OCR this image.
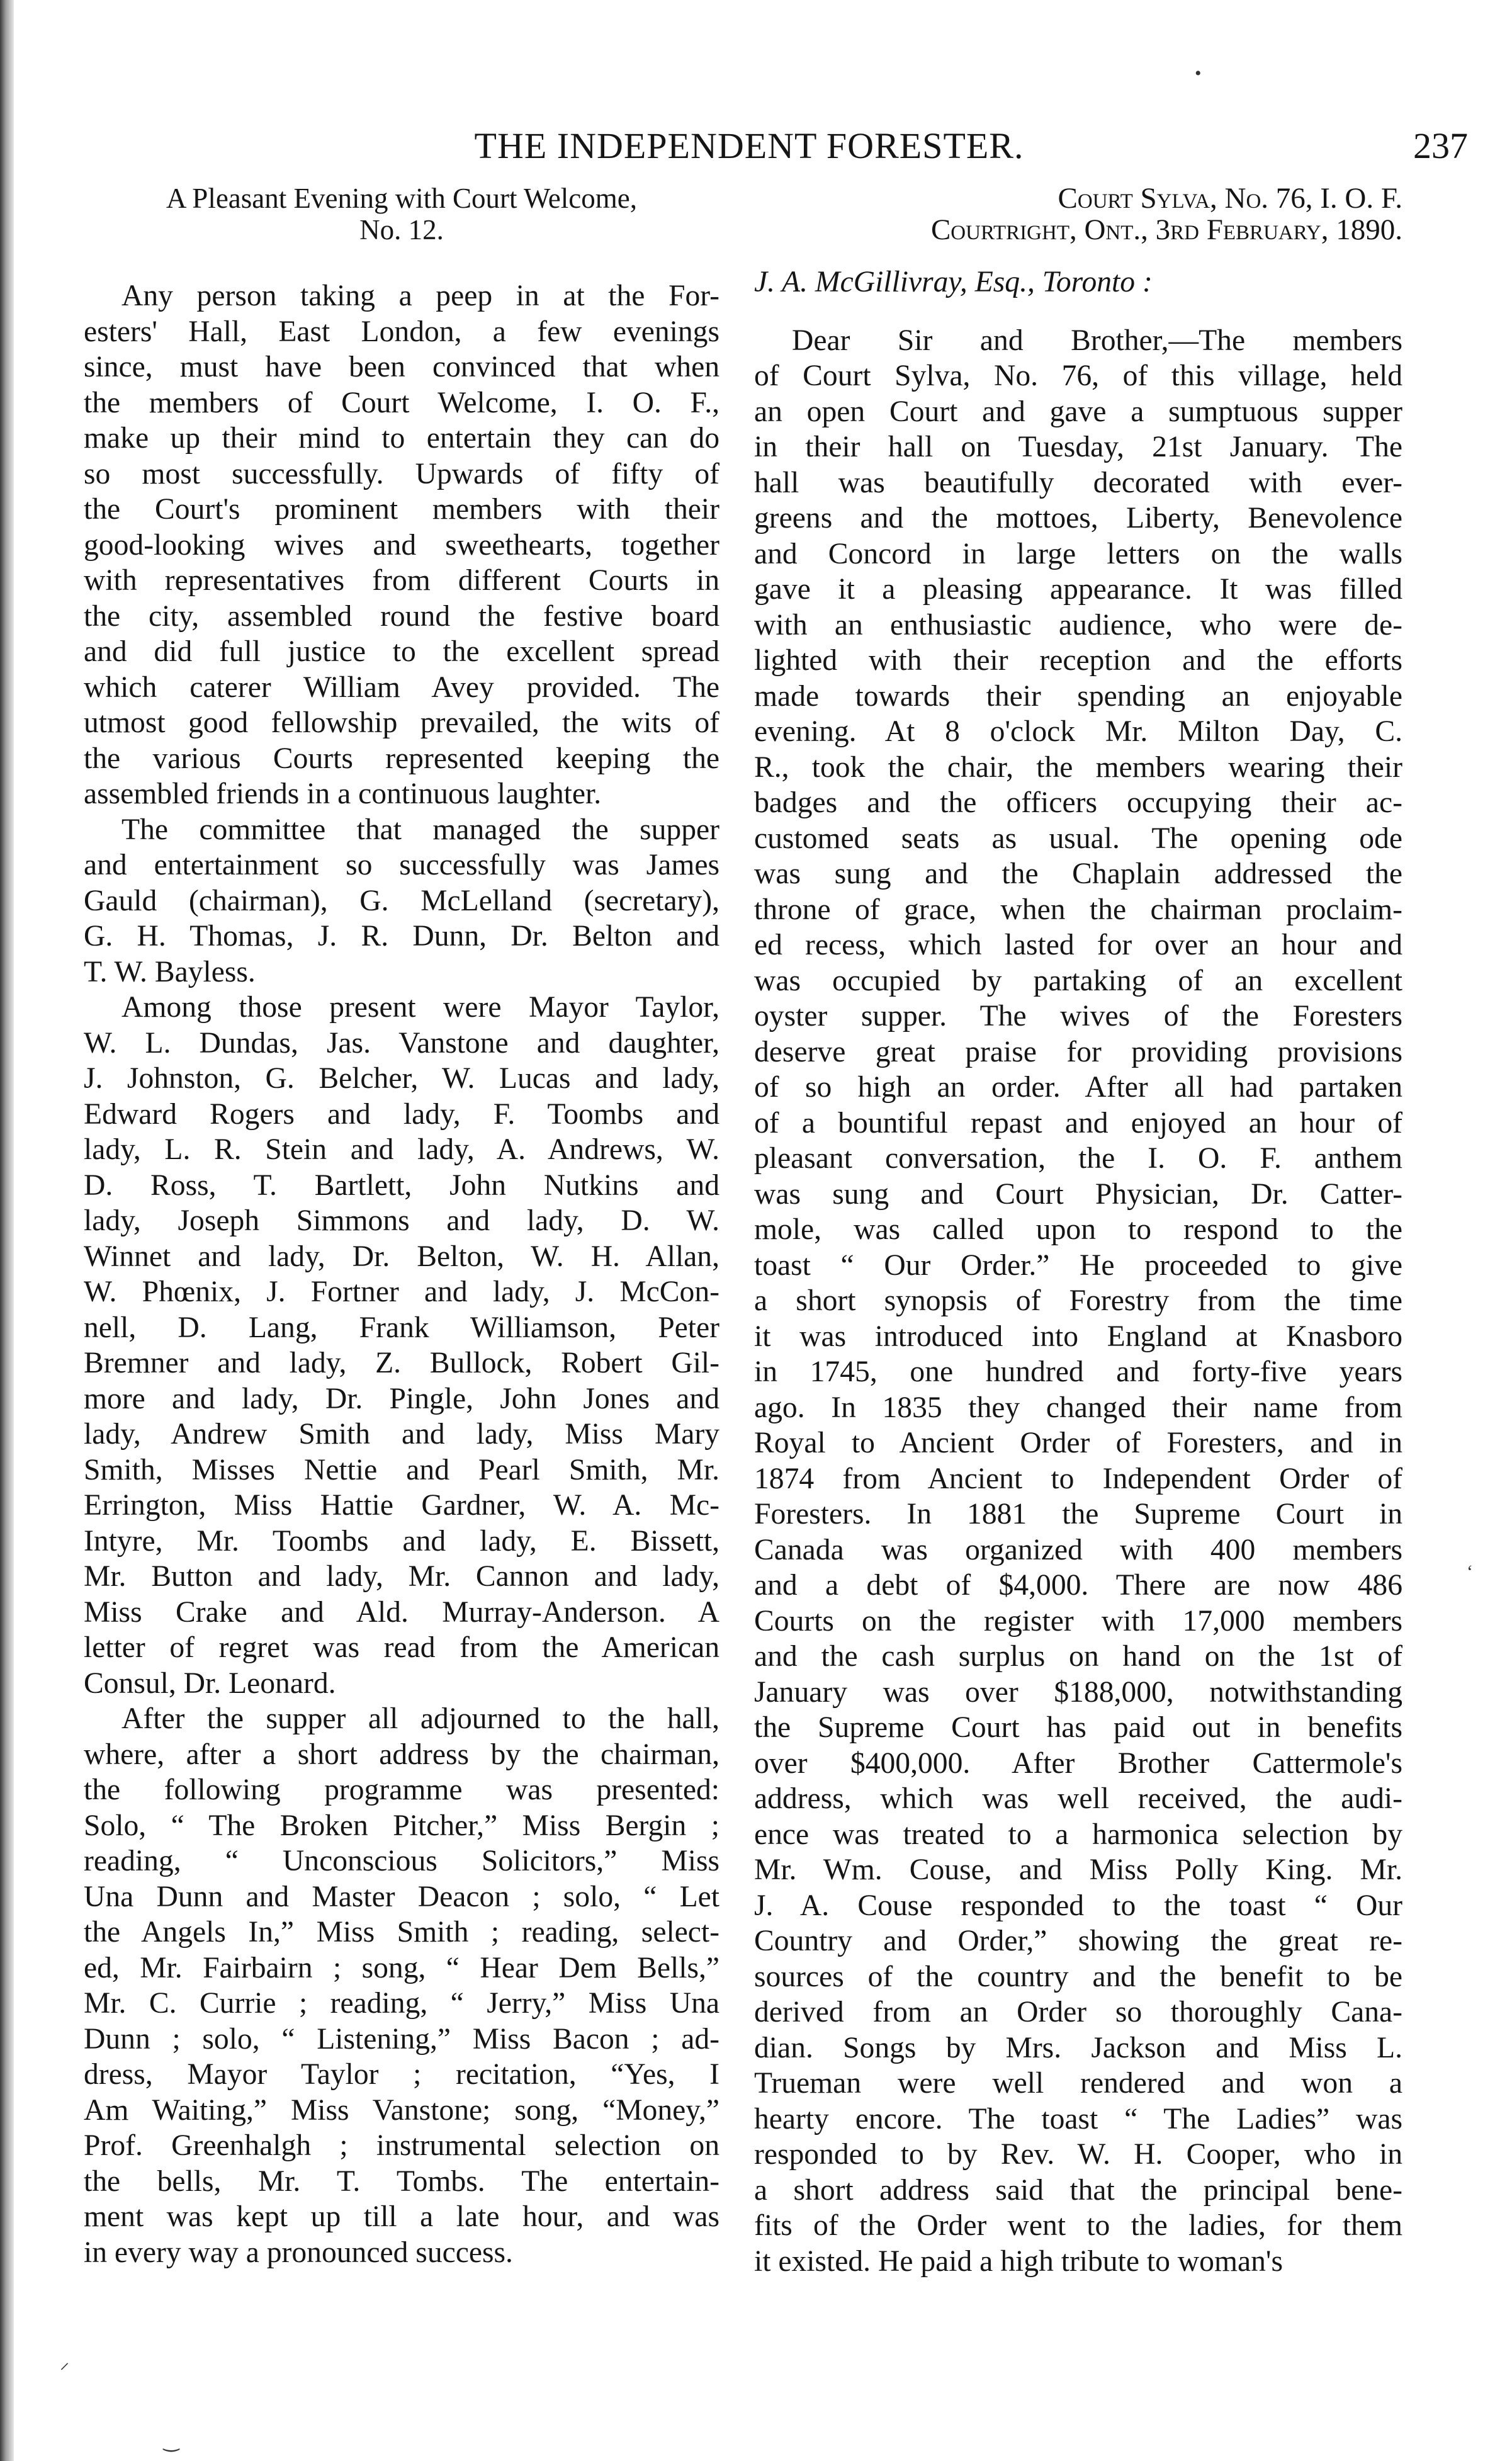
•
ʻ
⸝
‿
THE INDEPENDENT FORESTER.	237
A Pleasant Evening with Court Welcome,
No. 12.
Any person taking a peep in at the For-
esters' Hall, East London, a few evenings
since, must have been convinced that when
the members of Court Welcome, I. O. F.,
make up their mind to entertain they can do
so most successfully. Upwards of fifty of
the Court's prominent members with their
good-looking wives and sweethearts, together
with representatives from different Courts in
the city, assembled round the festive board
and did full justice to the excellent spread
which caterer William Avey provided. The
utmost good fellowship prevailed, the wits of
the various Courts represented keeping the
assembled friends in a continuous laughter.
The committee that managed the supper
and entertainment so successfully was James
Gauld (chairman), G. McLelland (secretary),
G. H. Thomas, J. R. Dunn, Dr. Belton and
T. W. Bayless.
Among those present were Mayor Taylor,
W. L. Dundas, Jas. Vanstone and daughter,
J. Johnston, G. Belcher, W. Lucas and lady,
Edward Rogers and lady, F. Toombs and
lady, L. R. Stein and lady, A. Andrews, W.
D. Ross, T. Bartlett, John Nutkins and
lady, Joseph Simmons and lady, D. W.
Winnet and lady, Dr. Belton, W. H. Allan,
W. Phœnix, J. Fortner and lady, J. McCon-
nell, D. Lang, Frank Williamson, Peter
Bremner and lady, Z. Bullock, Robert Gil-
more and lady, Dr. Pingle, John Jones and
lady, Andrew Smith and lady, Miss Mary
Smith, Misses Nettie and Pearl Smith, Mr.
Errington, Miss Hattie Gardner, W. A. Mc-
Intyre, Mr. Toombs and lady, E. Bissett,
Mr. Button and lady, Mr. Cannon and lady,
Miss Crake and Ald. Murray-Anderson. A
letter of regret was read from the American
Consul, Dr. Leonard.
After the supper all adjourned to the hall,
where, after a short address by the chairman,
the following programme was presented:
Solo, “ The Broken Pitcher,” Miss Bergin ;
reading, “ Unconscious Solicitors,” Miss
Una Dunn and Master Deacon ; solo, “ Let
the Angels In,” Miss Smith ; reading, select-
ed, Mr. Fairbairn ; song, “ Hear Dem Bells,”
Mr. C. Currie ; reading, “ Jerry,” Miss Una
Dunn ; solo, “ Listening,” Miss Bacon ; ad-
dress, Mayor Taylor ; recitation, “Yes, I
Am Waiting,” Miss Vanstone; song, “Money,”
Prof. Greenhalgh ; instrumental selection on
the bells, Mr. T. Tombs. The entertain-
ment was kept up till a late hour, and was
in every way a pronounced success.
Court Sylva, No. 76, I. O. F.
Courtright, Ont., 3rd February, 1890.
J. A. McGillivray, Esq., Toronto :
Dear Sir and Brother,—The members
of Court Sylva, No. 76, of this village, held
an open Court and gave a sumptuous supper
in their hall on Tuesday, 21st January. The
hall was beautifully decorated with ever-
greens and the mottoes, Liberty, Benevolence
and Concord in large letters on the walls
gave it a pleasing appearance. It was filled
with an enthusiastic audience, who were de-
lighted with their reception and the efforts
made towards their spending an enjoyable
evening. At 8 o'clock Mr. Milton Day, C.
R., took the chair, the members wearing their
badges and the officers occupying their ac-
customed seats as usual. The opening ode
was sung and the Chaplain addressed the
throne of grace, when the chairman proclaim-
ed recess, which lasted for over an hour and
was occupied by partaking of an excellent
oyster supper. The wives of the Foresters
deserve great praise for providing provisions
of so high an order. After all had partaken
of a bountiful repast and enjoyed an hour of
pleasant conversation, the I. O. F. anthem
was sung and Court Physician, Dr. Catter-
mole, was called upon to respond to the
toast “ Our Order.” He proceeded to give
a short synopsis of Forestry from the time
it was introduced into England at Knasboro
in 1745, one hundred and forty-five years
ago. In 1835 they changed their name from
Royal to Ancient Order of Foresters, and in
1874 from Ancient to Independent Order of
Foresters. In 1881 the Supreme Court in
Canada was organized with 400 members
and a debt of $4,000. There are now 486
Courts on the register with 17,000 members
and the cash surplus on hand on the 1st of
January was over $188,000, notwithstanding
the Supreme Court has paid out in benefits
over $400,000. After Brother Cattermole's
address, which was well received, the audi-
ence was treated to a harmonica selection by
Mr. Wm. Couse, and Miss Polly King. Mr.
J. A. Couse responded to the toast “ Our
Country and Order,” showing the great re-
sources of the country and the benefit to be
derived from an Order so thoroughly Cana-
dian. Songs by Mrs. Jackson and Miss L.
Trueman were well rendered and won a
hearty encore. The toast “ The Ladies” was
responded to by Rev. W. H. Cooper, who in
a short address said that the principal bene-
fits of the Order went to the ladies, for them
it existed. He paid a high tribute to woman's
